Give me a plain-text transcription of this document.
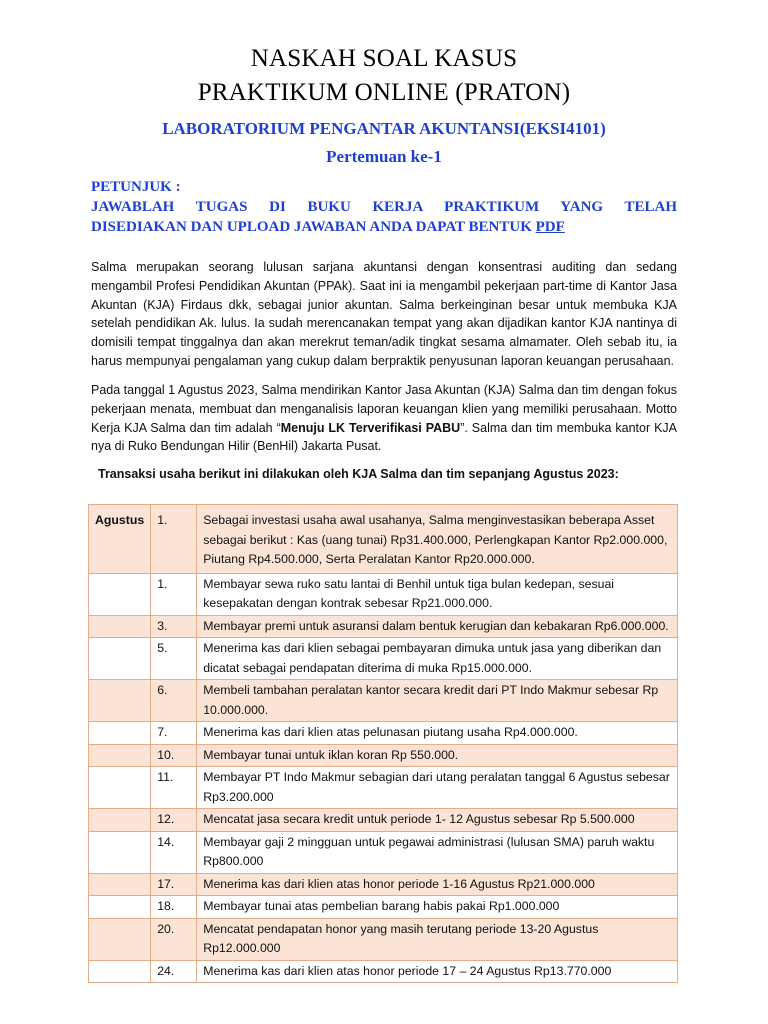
NASKAH SOAL KASUS
PRAKTIKUM ONLINE (PRATON)
LABORATORIUM PENGANTAR AKUNTANSI(EKSI4101)
Pertemuan ke-1
PETUNJUK :
JAWABLAH TUGAS DI BUKU KERJA PRAKTIKUM YANG TELAH
DISEDIAKAN DAN UPLOAD JAWABAN ANDA DAPAT BENTUK PDF
Salma merupakan seorang lulusan sarjana akuntansi dengan konsentrasi auditing dan sedang mengambil Profesi Pendidikan Akuntan (PPAk). Saat ini ia mengambil pekerjaan part-time di Kantor Jasa Akuntan (KJA) Firdaus dkk, sebagai junior akuntan. Salma berkeinginan besar untuk membuka KJA setelah pendidikan Ak. lulus. Ia sudah merencanakan tempat yang akan dijadikan kantor KJA nantinya di domisili tempat tinggalnya dan akan merekrut teman/adik tingkat sesama almamater. Oleh sebab itu, ia harus mempunyai pengalaman yang cukup dalam berpraktik penyusunan laporan keuangan perusahaan.
Pada tanggal 1 Agustus 2023, Salma mendirikan Kantor Jasa Akuntan (KJA) Salma dan tim dengan fokus pekerjaan menata, membuat dan menganalisis laporan keuangan klien yang memiliki perusahaan. Motto Kerja KJA Salma dan tim adalah “Menuju LK Terverifikasi PABU”. Salma dan tim membuka kantor KJA nya di Ruko Bendungan Hilir (BenHil) Jakarta Pusat.
Transaksi usaha berikut ini dilakukan oleh KJA Salma dan tim sepanjang Agustus 2023:
Agustus	1.	Sebagai investasi usaha awal usahanya, Salma menginvestasikan beberapa Asset sebagai berikut : Kas (uang tunai) Rp31.400.000, Perlengkapan Kantor Rp2.000.000, Piutang Rp4.500.000, Serta Peralatan Kantor Rp20.000.000.
	1.	Membayar sewa ruko satu lantai di Benhil untuk tiga bulan kedepan, sesuai kesepakatan dengan kontrak sebesar Rp21.000.000.
	3.	Membayar premi untuk asuransi dalam bentuk kerugian dan kebakaran Rp6.000.000.
	5.	Menerima kas dari klien sebagai pembayaran dimuka untuk jasa yang diberikan dan dicatat sebagai pendapatan diterima di muka Rp15.000.000.
	6.	Membeli tambahan peralatan kantor secara kredit dari PT Indo Makmur sebesar Rp 10.000.000.
	7.	Menerima kas dari klien atas pelunasan piutang usaha Rp4.000.000.
	10.	Membayar tunai untuk iklan koran Rp 550.000.
	11.	Membayar PT Indo Makmur sebagian dari utang peralatan tanggal 6 Agustus sebesar Rp3.200.000
	12.	Mencatat jasa secara kredit untuk periode 1- 12 Agustus sebesar Rp 5.500.000
	14.	Membayar gaji 2 mingguan untuk pegawai administrasi (lulusan SMA) paruh waktu Rp800.000
	17.	Menerima kas dari klien atas honor periode 1-16 Agustus Rp21.000.000
	18.	Membayar tunai atas pembelian barang habis pakai Rp1.000.000
	20.	Mencatat pendapatan honor yang masih terutang periode 13-20 Agustus Rp12.000.000
	24.	Menerima kas dari klien atas honor periode 17 – 24 Agustus Rp13.770.000
